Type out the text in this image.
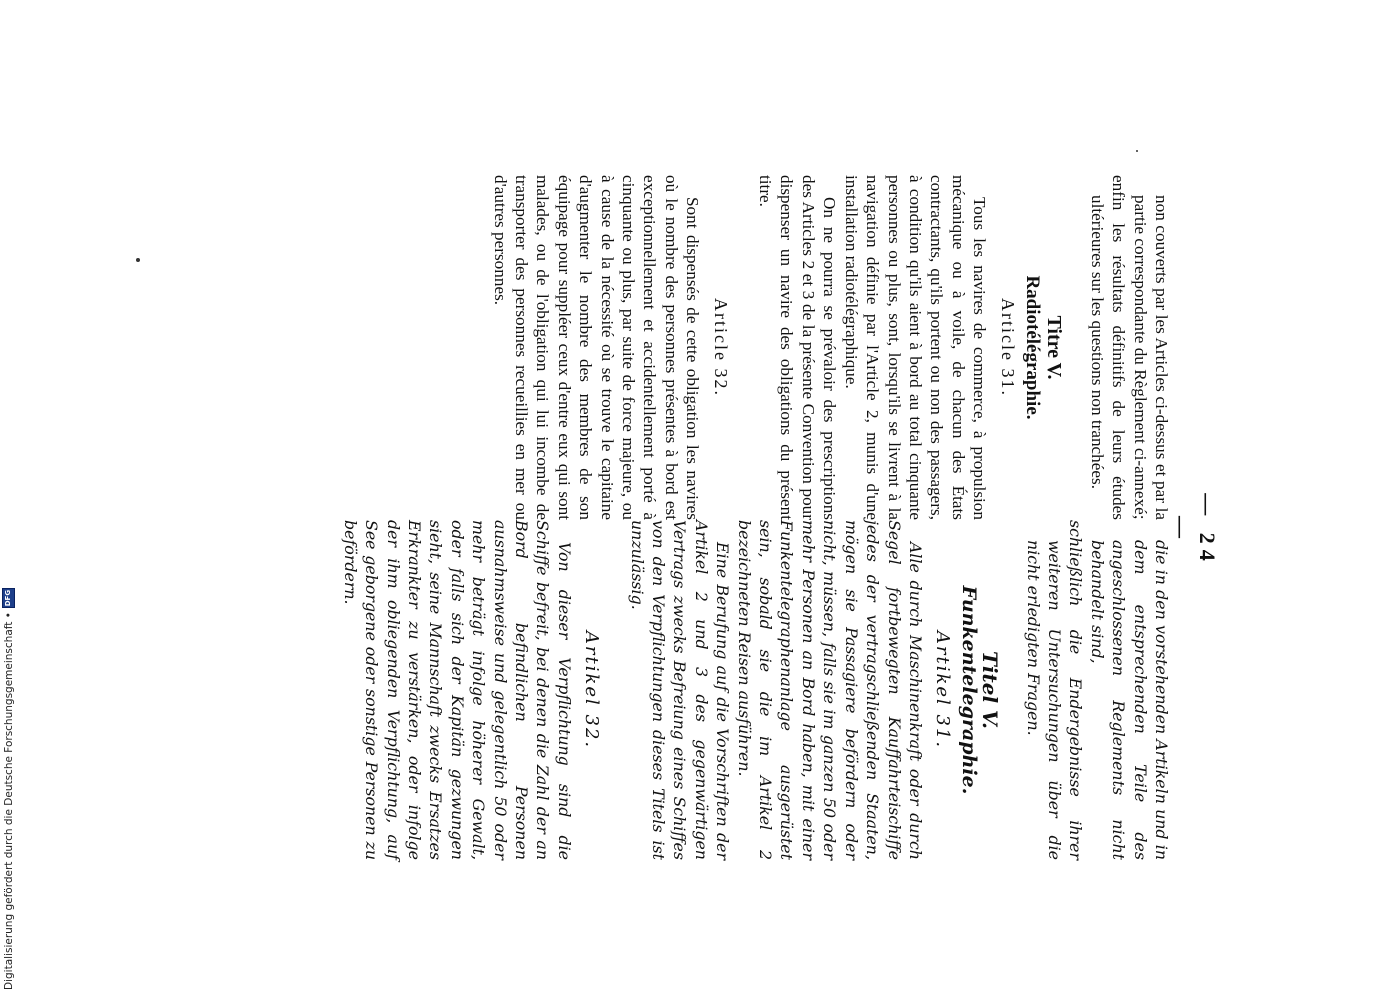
— 24 —

non couverts par les Articles ci-dessus et par la partie correspondante du Règlement ci-annexé;

enfin les résultats définitifs de leurs études ultérieures sur les questions non tranchées.

Titre V.

Radiotélégraphie.

Article 31.

Tous les navires de commerce, à propulsion mécanique ou à voile, de chacun des États contractants, qu'ils portent ou non des passagers, à condition qu'ils aient à bord au total cinquante personnes ou plus, sont, lorsqu'ils se livrent à la navigation définie par l'Article 2, munis d'une installation radiotélégraphique.

On ne pourra se prévaloir des prescriptions des Articles 2 et 3 de la présente Convention pour dispenser un navire des obligations du présent titre.

Article 32.

Sont dispensés de cette obligation les navires où le nombre des personnes présentes à bord est exceptionnellement et accidentellement porté à cinquante ou plus, par suite de force majeure, ou à cause de la nécessité où se trouve le capitaine d'augmenter le nombre des membres de son équipage pour suppléer ceux d'entre eux qui sont malades, ou de l'obligation qui lui incombe de transporter des personnes recueillies en mer ou d'autres personnes.

die in den vorstehenden Artikeln und in dem entsprechenden Teile des angeschlossenen Reglements nicht behandelt sind,

schließlich die Endergebnisse ihrer weiteren Untersuchungen über die nicht erledigten Fragen.

Titel V.

Funkentelegraphie.

Artikel 31.

Alle durch Maschinenkraft oder durch Segel fortbewegten Kauffahrteischiffe jedes der vertragschließenden Staaten, mögen sie Passagiere befördern oder nicht, müssen, falls sie im ganzen 50 oder mehr Personen an Bord haben, mit einer Funkentelegraphenanlage ausgerüstet sein, sobald sie die im Artikel 2 bezeichneten Reisen ausführen.

Eine Berufung auf die Vorschriften der Artikel 2 und 3 des gegenwärtigen Vertrags zwecks Befreiung eines Schiffes von den Verpflichtungen dieses Titels ist unzulässig.

Artikel 32.

Von dieser Verpflichtung sind die Schiffe befreit, bei denen die Zahl der an Bord befindlichen Personen ausnahmsweise und gelegentlich 50 oder mehr beträgt infolge höherer Gewalt, oder falls sich der Kapitän gezwungen sieht, seine Mannschaft zwecks Ersatzes Erkrankter zu verstärken, oder infolge der ihm obliegenden Verpflichtung, auf See geborgene oder sonstige Personen zu befördern.

Digitalisierung gefördert durch die Deutsche Forschungsgemeinschaft •
DFG
